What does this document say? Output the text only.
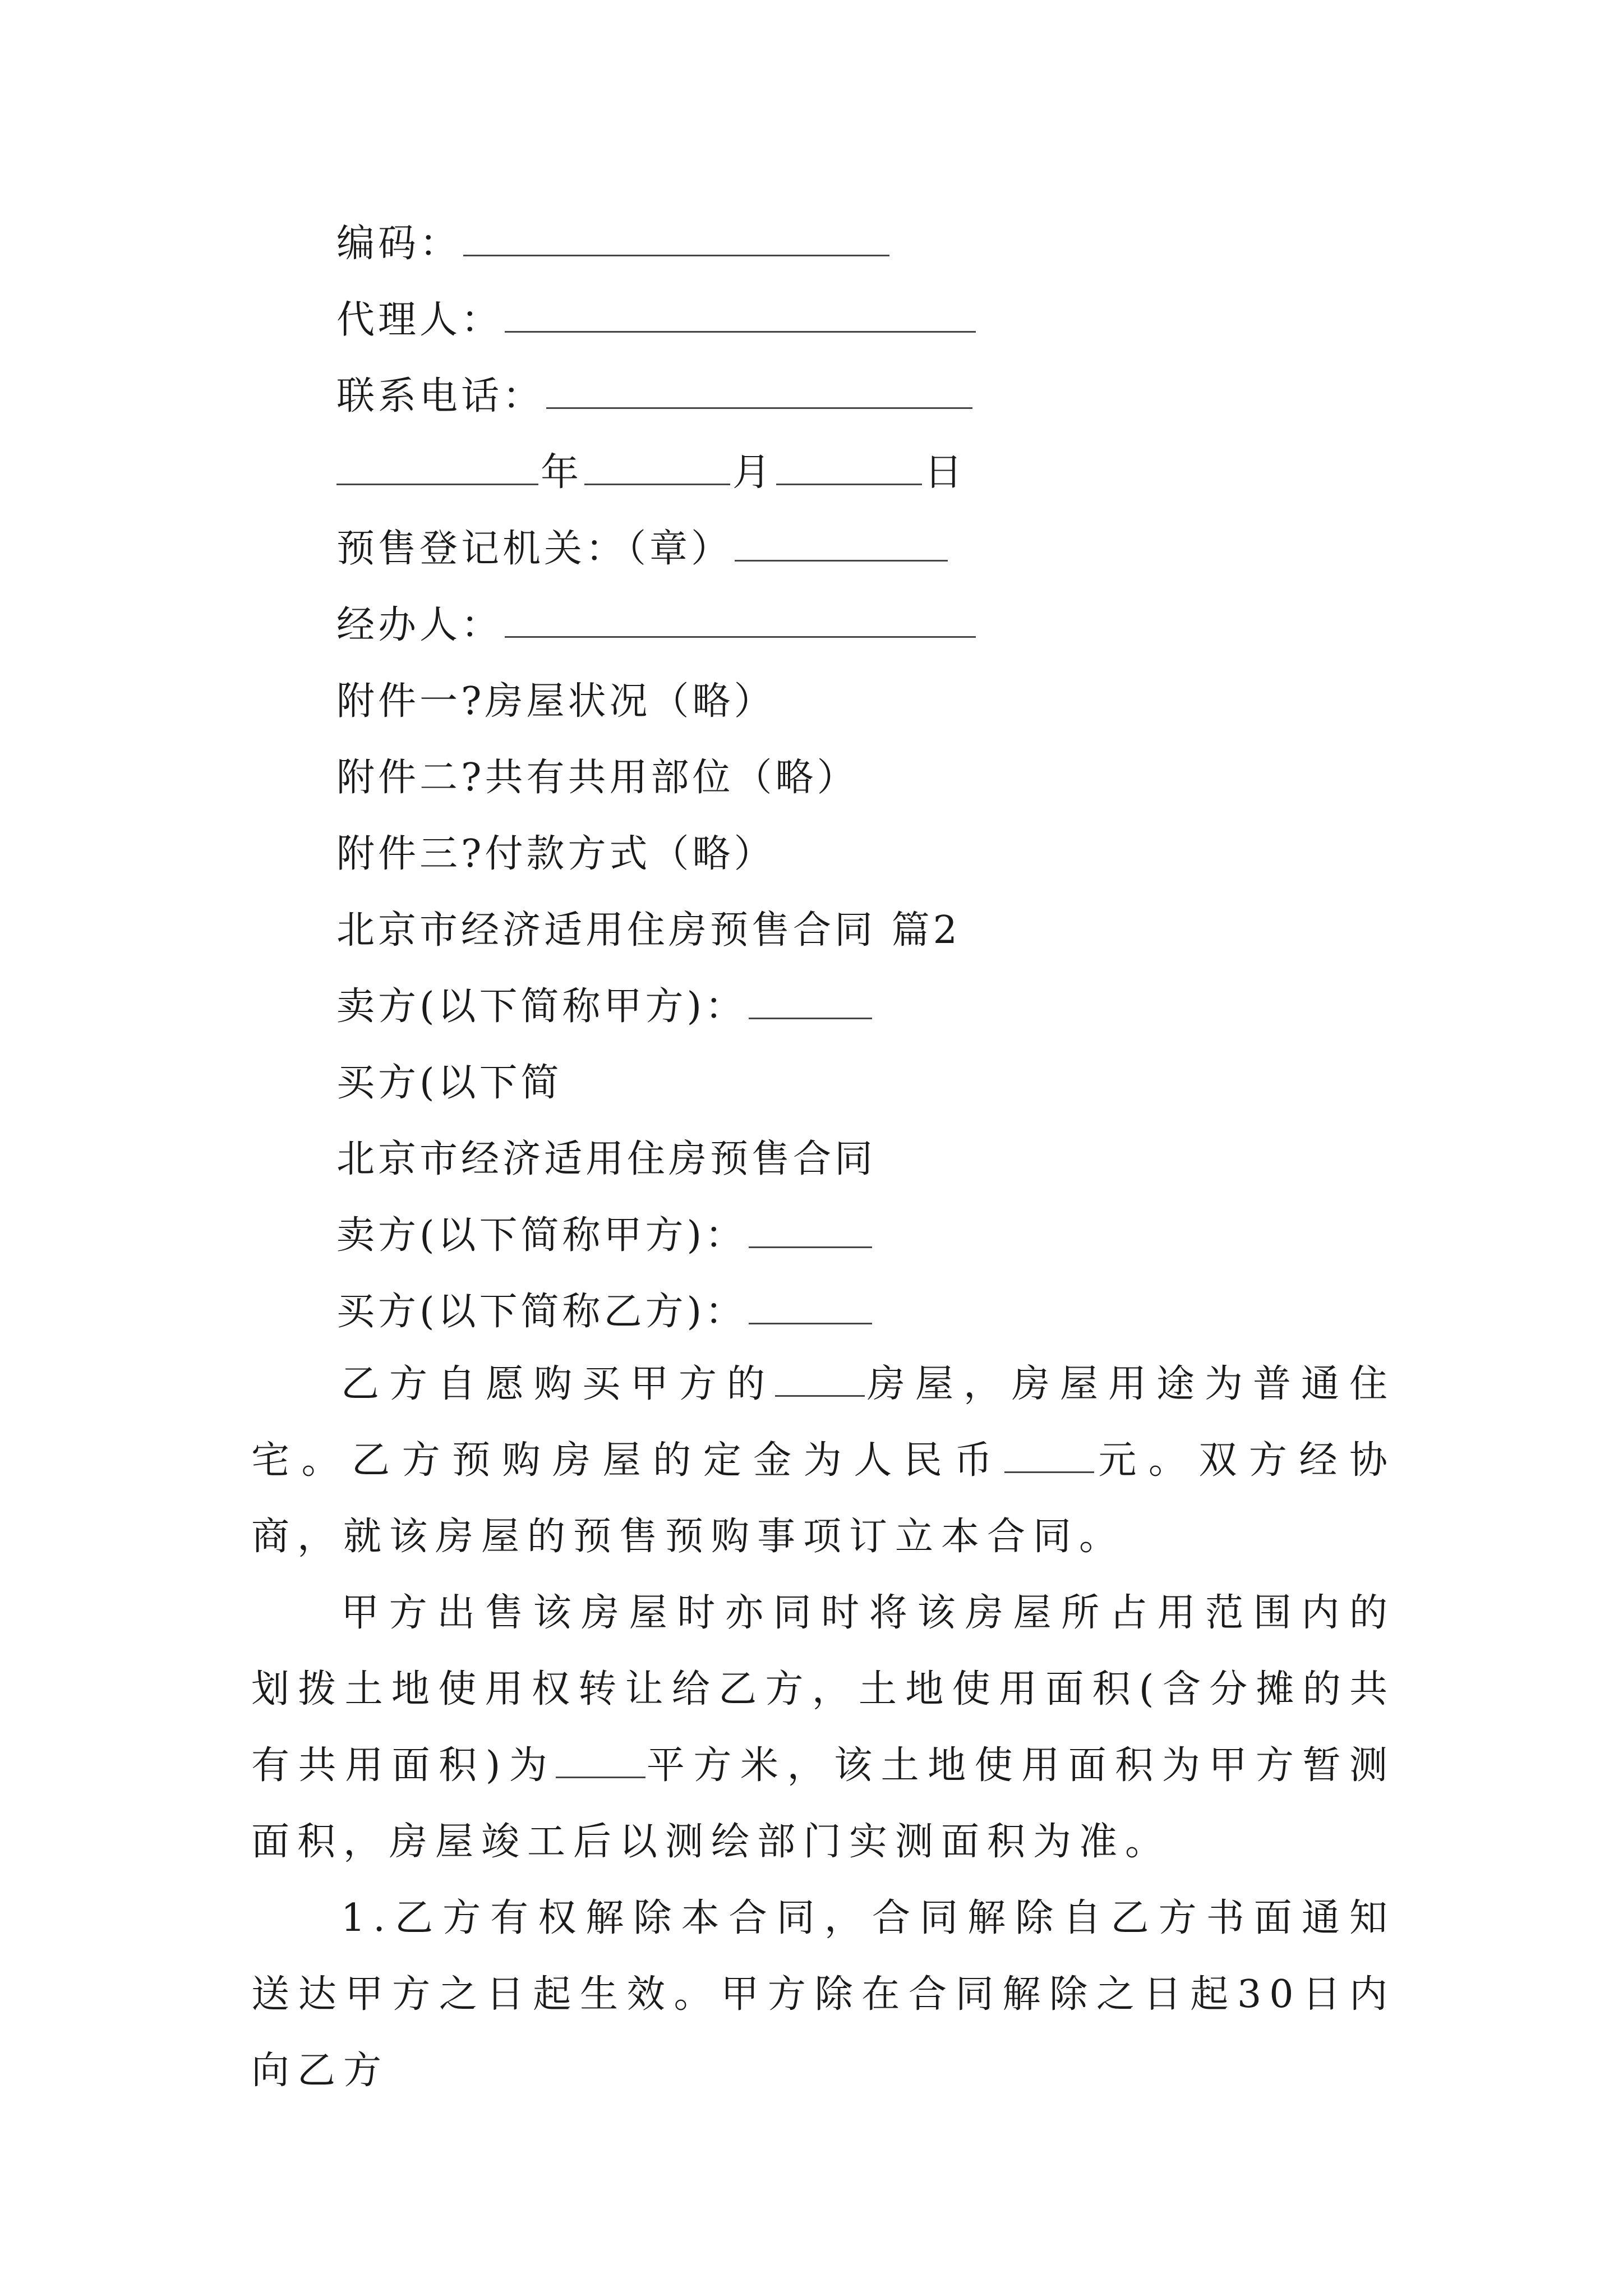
编码：
代理人：
联系电话：
年	月	日
预售登记机关：（章）
经办人：
附件一?房屋状况（略）
附件二?共有共用部位（略）
附件三?付款方式（略）
北京市经济适用住房预售合同 篇2
卖方(以下简称甲方)：
买方(以下简
北京市经济适用住房预售合同
卖方(以下简称甲方)：
买方(以下简称乙方)：

乙方自愿购买甲方的 房屋，房屋用途为普通住宅。乙方预购房屋的定金为人民币 元。双方经协商，就该房屋的预售预购事项订立本合同。

甲方出售该房屋时亦同时将该房屋所占用范围内的划拨土地使用权转让给乙方，土地使用面积(含分摊的共有共用面积)为 平方米，该土地使用面积为甲方暂测面积，房屋竣工后以测绘部门实测面积为准。

1.乙方有权解除本合同，合同解除自乙方书面通知送达甲方之日起生效。甲方除在合同解除之日起30日内向乙方
